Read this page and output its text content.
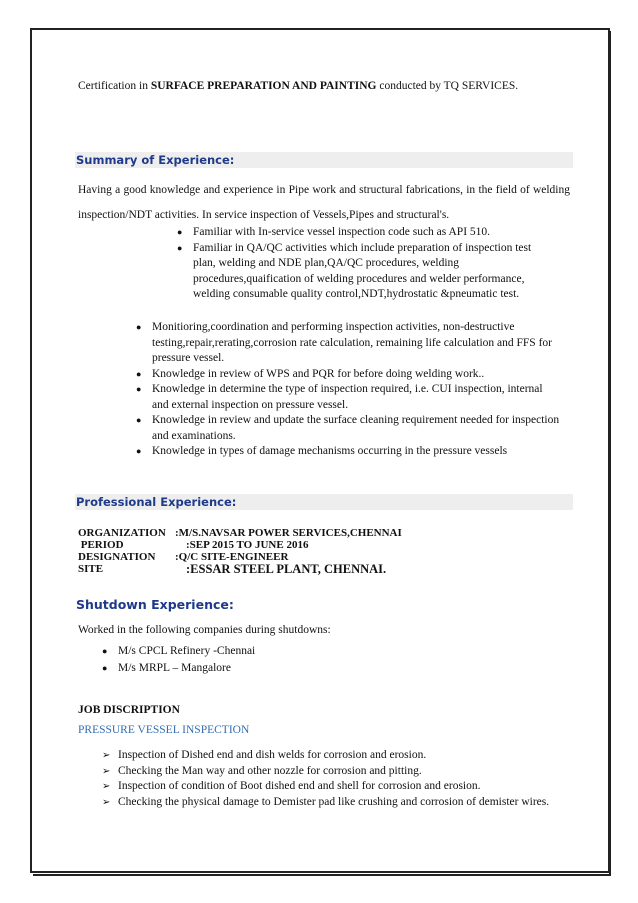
Certification in SURFACE PREPARATION AND PAINTING conducted by TQ SERVICES.
Summary of Experience:
Having a good knowledge and experience in Pipe work and structural fabrications, in the field of welding inspection/NDT activities. In service inspection of Vessels,Pipes and structural's.
● Familiar with In-service vessel inspection code such as API 510.
● Familiar in QA/QC activities which include preparation of inspection test plan, welding and NDE plan,QA/QC procedures, welding procedures,quaification of welding procedures and welder performance, welding consumable quality control,NDT,hydrostatic &pneumatic test.
● Monitioring,coordination and performing inspection activities, non-destructive testing,repair,rerating,corrosion rate calculation, remaining life calculation and FFS for pressure vessel.
● Knowledge in review of WPS and PQR for before doing welding work..
● Knowledge in determine the type of inspection required, i.e. CUI inspection, internal and external inspection on pressure vessel.
● Knowledge in review and update the surface cleaning requirement needed for inspection and examinations.
● Knowledge in types of damage mechanisms occurring in the pressure vessels
Professional Experience:
ORGANIZATION :M/S.NAVSAR POWER SERVICES,CHENNAI
PERIOD	:SEP 2015 TO JUNE 2016
DESIGNATION :Q/C SITE-ENGINEER
SITE	:ESSAR STEEL PLANT, CHENNAI.
Shutdown Experience:
Worked in the following companies during shutdowns:
● M/s CPCL Refinery -Chennai
● M/s MRPL – Mangalore
JOB DISCRIPTION
PRESSURE VESSEL INSPECTION
➢ Inspection of Dished end and dish welds for corrosion and erosion.
➢ Checking the Man way and other nozzle for corrosion and pitting.
➢ Inspection of condition of Boot dished end and shell for corrosion and erosion.
➢ Checking the physical damage to Demister pad like crushing and corrosion of demister wires.
